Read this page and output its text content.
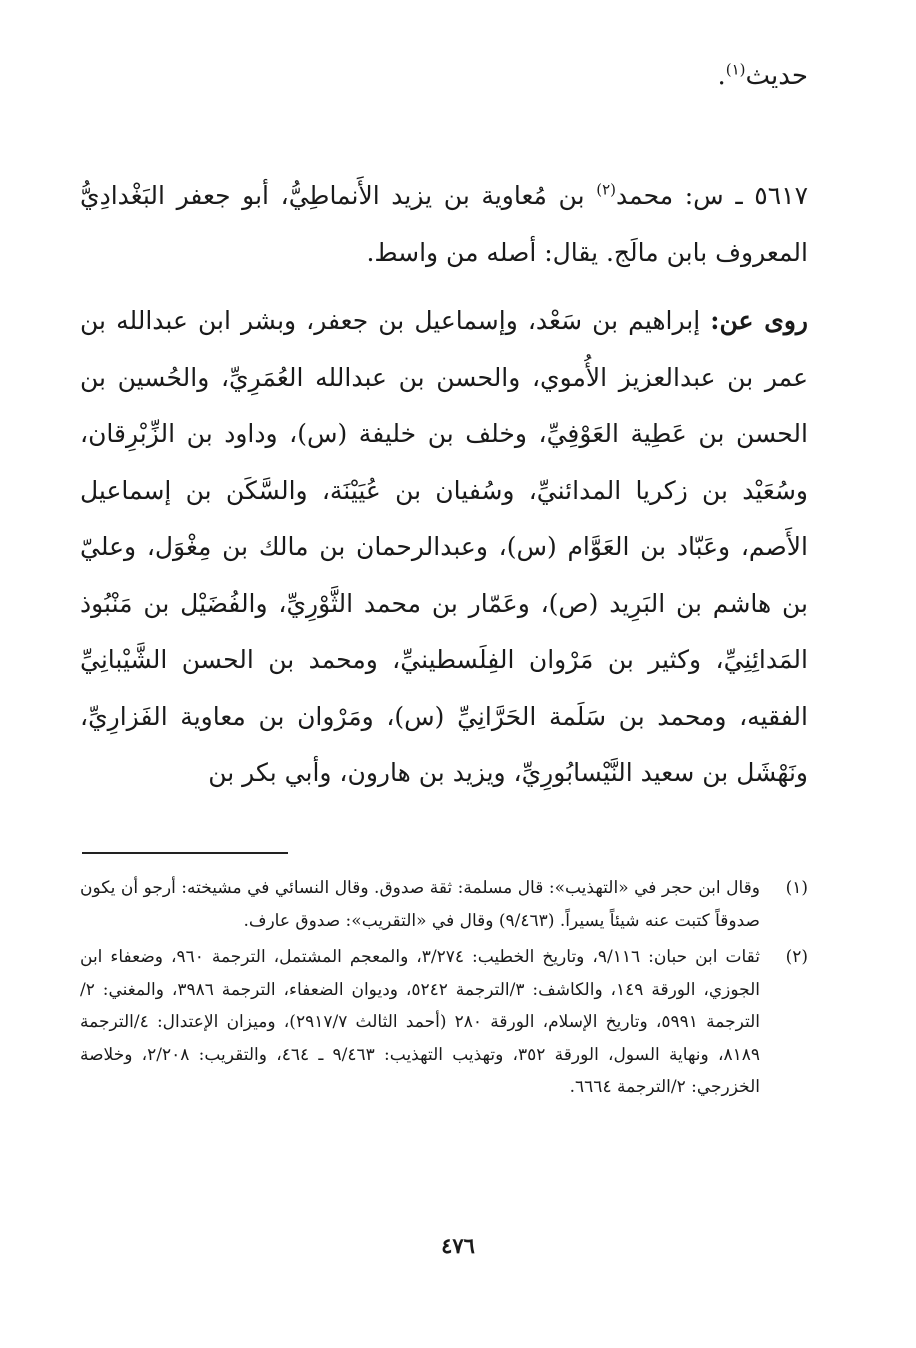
حديث$^{(١)}$.

٥٦١٧ ـ س: محمد$^{(٢)}$ بن مُعاوية بن يزيد الأَنماطِيُّ، أبو جعفر البَغْدادِيُّ المعروف بابن مالَج. يقال: أصله من واسط.

روى عن: إبراهيم بن سَعْد، وإسماعيل بن جعفر، وبشر ابن عبدالله بن عمر بن عبدالعزيز الأُموي، والحسن بن عبدالله العُمَرِيِّ، والحُسين بن الحسن بن عَطِية العَوْفِيِّ، وخلف بن خليفة (س)، وداود بن الزِّبْرِقان، وسُعَيْد بن زكريا المدائنيِّ، وسُفيان بن عُيَيْنَة، والسَّكَن بن إسماعيل الأَصم، وعَبّاد بن العَوَّام (س)، وعبدالرحمان بن مالك بن مِغْوَل، وعليّ بن هاشم بن البَرِيد (ص)، وعَمّار بن محمد الثَّوْرِيِّ، والفُضَيْل بن مَنْبُوذ المَدائِنِيِّ، وكثير بن مَرْوان الفِلَسطينيِّ، ومحمد بن الحسن الشَّيْبانِيِّ الفقيه، ومحمد بن سَلَمة الحَرَّانِيِّ (س)، ومَرْوان بن معاوية الفَزارِيِّ، ونَهْشَل بن سعيد النَّيْسابُورِيِّ، ويزيد بن هارون، وأبي بكر بن

(١)
وقال ابن حجر في «التهذيب»: قال مسلمة: ثقة صدوق. وقال النسائي في مشيخته: أرجو أن يكون صدوقاً كتبت عنه شيئاً يسيراً. (٩/٤٦٣) وقال في «التقريب»: صدوق عارف.
(٢)
ثقات ابن حبان: ٩/١١٦، وتاريخ الخطيب: ٣/٢٧٤، والمعجم المشتمل، الترجمة ٩٦٠، وضعفاء ابن الجوزي، الورقة ١٤٩، والكاشف: ٣/الترجمة ٥٢٤٢، وديوان الضعفاء، الترجمة ٣٩٨٦، والمغني: ٢/الترجمة ٥٩٩١، وتاريخ الإسلام، الورقة ٢٨٠ (أحمد الثالث ٢٩١٧/٧)، وميزان الإعتدال: ٤/الترجمة ٨١٨٩، ونهاية السول، الورقة ٣٥٢، وتهذيب التهذيب: ٩/٤٦٣ ـ ٤٦٤، والتقريب: ٢/٢٠٨، وخلاصة الخزرجي: ٢/الترجمة ٦٦٦٤.
٤٧٦
